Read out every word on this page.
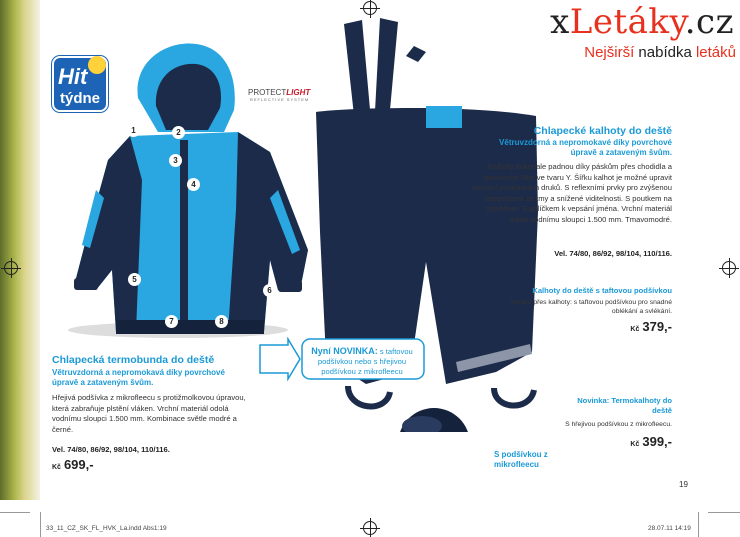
xLetáky.cz
Nejširší nabídka letáků
Hit
týdne	PROTECTLIGHT
REFLECTIVE SYSTEM
1	2
3
4
5
6
7	8
Chlapecká termobunda do deště
Větruvzdorná a nepromokavá díky povrchové úpravě a zataveným švům.
Hřejivá podšívka z mikrofleecu s protižmolkovou úpravou, která zabraňuje plstění vláken. Vrchní materiál odolá vodnímu sloupci 1.500 mm. Kombinace světle modré a černé.
Vel. 74/80, 86/92, 98/104, 110/116.
Kč 699,-
Nyní NOVINKA: s taftovou podšívkou nebo s hřejivou podšívkou z mikrofleecu
Chlapecké kalhoty do deště
Větruvzdorná a nepromokavé díky povrchové úpravě a zataveným švům.
Kalhoty dokonale padnou díky páskům přes chodidla a posuvným šlím ve tvaru Y. Šířku kalhot je možné upravit pomocí postranních druků. S reflexními prvky pro zvýšenou bezpečnost za tmy a snížené viditelnosti. S poutkem na pověšení. S políčkem k vepsání jména. Vrchní materiál odolá vodnímu sloupci 1.500 mm. Tmavomodré.
Vel. 74/80, 86/92, 98/104, 110/116.
Kalhoty do deště s taftovou podšívkou
Ideální přes kalhoty: s taftovou podšívkou pro snadné oblékání a svlékání.
Kč 379,-
Novinka: Termokalhoty do deště
S hřejivou podšívkou z mikrofleecu.
Kč 399,-
S podšívkou z mikrofleecu
19
33_11_CZ_SK_FL_HVK_La.indd Abs1:19	28.07.11 14:19
